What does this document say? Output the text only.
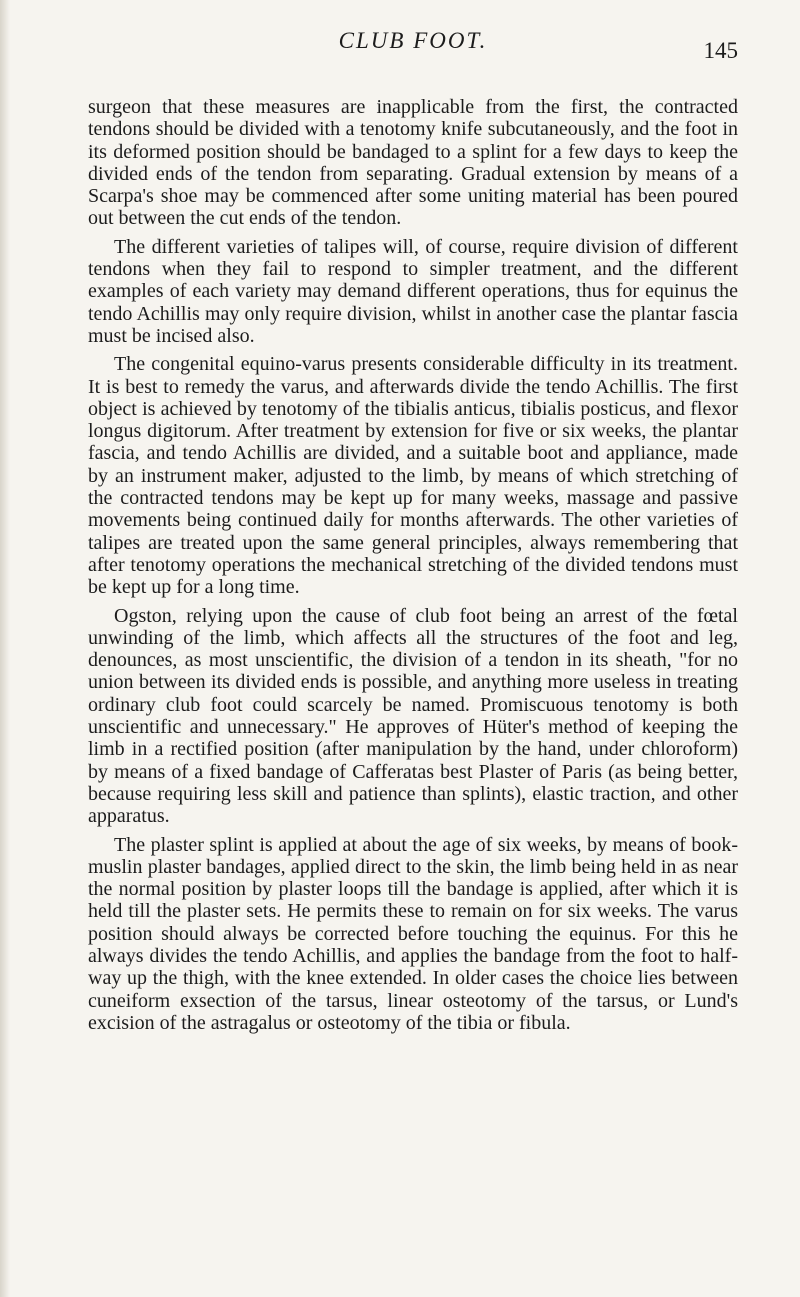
CLUB FOOT.	145

surgeon that these measures are inapplicable from the first, the contracted tendons should be divided with a tenotomy knife subcutaneously, and the foot in its deformed position should be bandaged to a splint for a few days to keep the divided ends of the tendon from separating. Gradual extension by means of a Scarpa's shoe may be commenced after some uniting material has been poured out between the cut ends of the tendon.

The different varieties of talipes will, of course, require division of different tendons when they fail to respond to simpler treatment, and the different examples of each variety may demand different operations, thus for equinus the tendo Achillis may only require division, whilst in another case the plantar fascia must be incised also.

The congenital equino-varus presents considerable difficulty in its treatment. It is best to remedy the varus, and afterwards divide the tendo Achillis. The first object is achieved by tenotomy of the tibialis anticus, tibialis posticus, and flexor longus digitorum. After treatment by extension for five or six weeks, the plantar fascia, and tendo Achillis are divided, and a suitable boot and appliance, made by an instrument maker, adjusted to the limb, by means of which stretching of the contracted tendons may be kept up for many weeks, massage and passive movements being continued daily for months afterwards. The other varieties of talipes are treated upon the same general principles, always remembering that after tenotomy operations the mechanical stretching of the divided tendons must be kept up for a long time.

Ogston, relying upon the cause of club foot being an arrest of the fœtal unwinding of the limb, which affects all the structures of the foot and leg, denounces, as most unscientific, the division of a tendon in its sheath, "for no union between its divided ends is possible, and anything more useless in treating ordinary club foot could scarcely be named. Promiscuous tenotomy is both unscientific and unnecessary." He approves of Hüter's method of keeping the limb in a rectified position (after manipulation by the hand, under chloroform) by means of a fixed bandage of Cafferatas best Plaster of Paris (as being better, because requiring less skill and patience than splints), elastic traction, and other apparatus.

The plaster splint is applied at about the age of six weeks, by means of book-muslin plaster bandages, applied direct to the skin, the limb being held in as near the normal position by plaster loops till the bandage is applied, after which it is held till the plaster sets. He permits these to remain on for six weeks. The varus position should always be corrected before touching the equinus. For this he always divides the tendo Achillis, and applies the bandage from the foot to half-way up the thigh, with the knee extended. In older cases the choice lies between cuneiform exsection of the tarsus, linear osteotomy of the tarsus, or Lund's excision of the astragalus or osteotomy of the tibia or fibula.
